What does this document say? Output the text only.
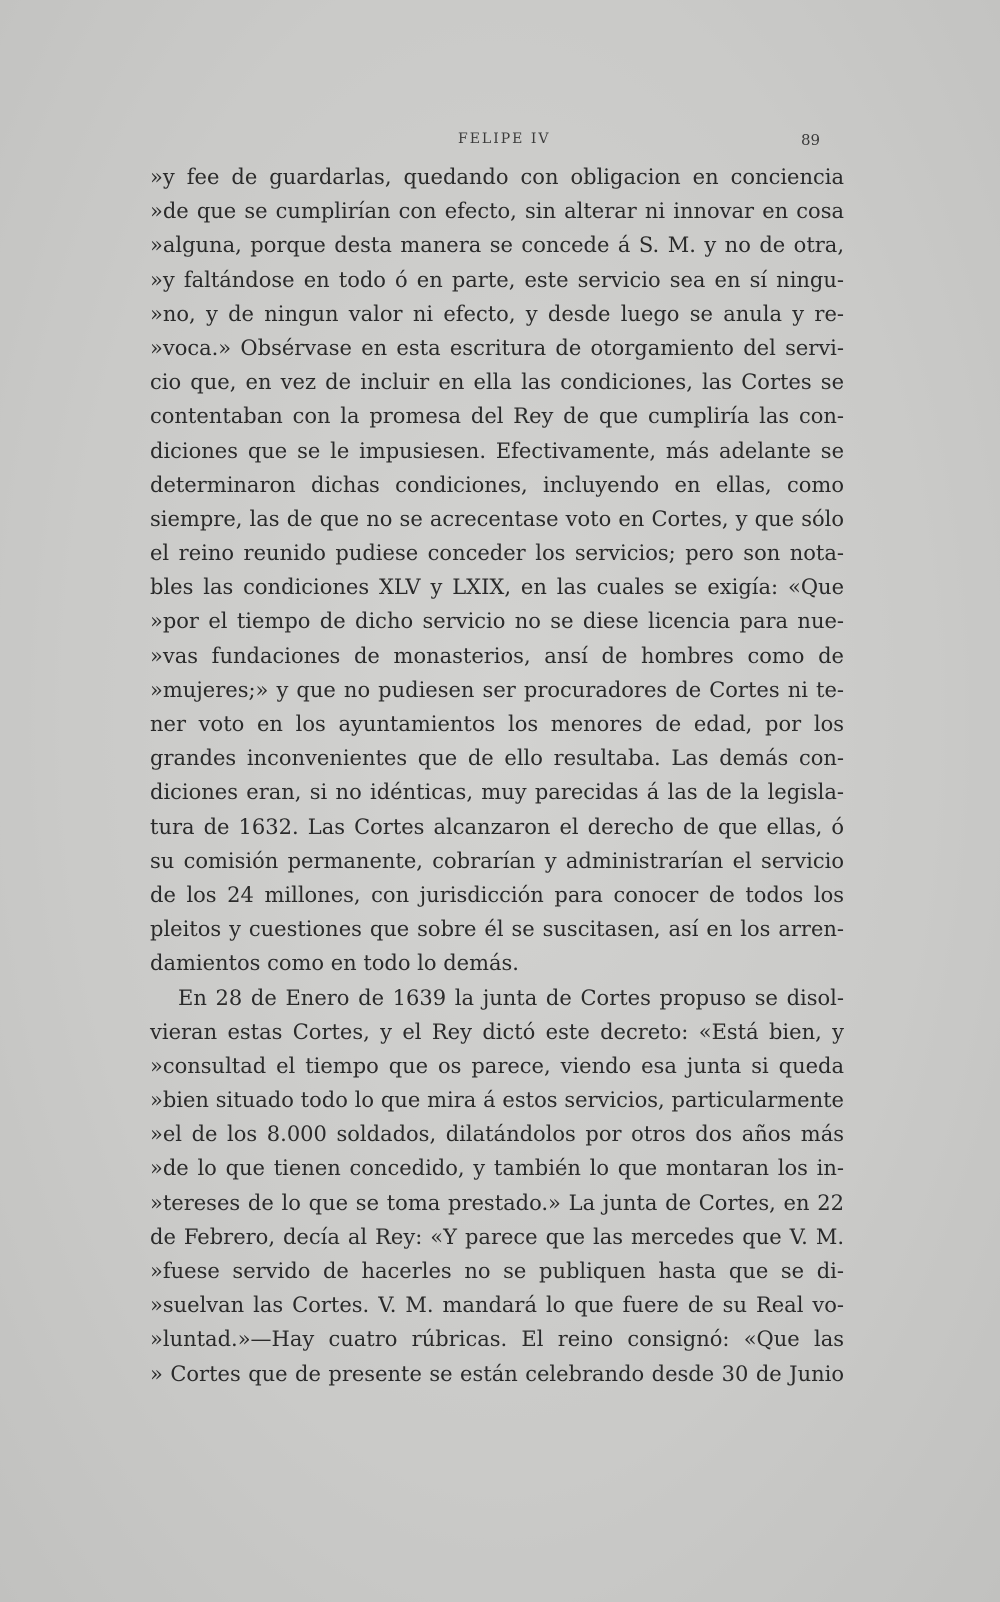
FELIPE IV	89
»y fee de guardarlas, quedando con obligacion en conciencia
»de que se cumplirían con efecto, sin alterar ni innovar en cosa
»alguna, porque desta manera se concede á S. M. y no de otra,
»y faltándose en todo ó en parte, este servicio sea en sí ningu-
»no, y de ningun valor ni efecto, y desde luego se anula y re-
»voca.» Obsérvase en esta escritura de otorgamiento del servi-
cio que, en vez de incluir en ella las condiciones, las Cortes se
contentaban con la promesa del Rey de que cumpliría las con-
diciones que se le impusiesen. Efectivamente, más adelante se
determinaron dichas condiciones, incluyendo en ellas, como
siempre, las de que no se acrecentase voto en Cortes, y que sólo
el reino reunido pudiese conceder los servicios; pero son nota-
bles las condiciones XLV y LXIX, en las cuales se exigía: «Que
»por el tiempo de dicho servicio no se diese licencia para nue-
»vas fundaciones de monasterios, ansí de hombres como de
»mujeres;» y que no pudiesen ser procuradores de Cortes ni te-
ner voto en los ayuntamientos los menores de edad, por los
grandes inconvenientes que de ello resultaba. Las demás con-
diciones eran, si no idénticas, muy parecidas á las de la legisla-
tura de 1632. Las Cortes alcanzaron el derecho de que ellas, ó
su comisión permanente, cobrarían y administrarían el servicio
de los 24 millones, con jurisdicción para conocer de todos los
pleitos y cuestiones que sobre él se suscitasen, así en los arren-
damientos como en todo lo demás.
En 28 de Enero de 1639 la junta de Cortes propuso se disol-
vieran estas Cortes, y el Rey dictó este decreto: «Está bien, y
»consultad el tiempo que os parece, viendo esa junta si queda
»bien situado todo lo que mira á estos servicios, particularmente
»el de los 8.000 soldados, dilatándolos por otros dos años más
»de lo que tienen concedido, y también lo que montaran los in-
»tereses de lo que se toma prestado.» La junta de Cortes, en 22
de Febrero, decía al Rey: «Y parece que las mercedes que V. M.
»fuese servido de hacerles no se publiquen hasta que se di-
»suelvan las Cortes. V. M. mandará lo que fuere de su Real vo-
»luntad.»—Hay cuatro rúbricas. El reino consignó: «Que las
» Cortes que de presente se están celebrando desde 30 de Junio
